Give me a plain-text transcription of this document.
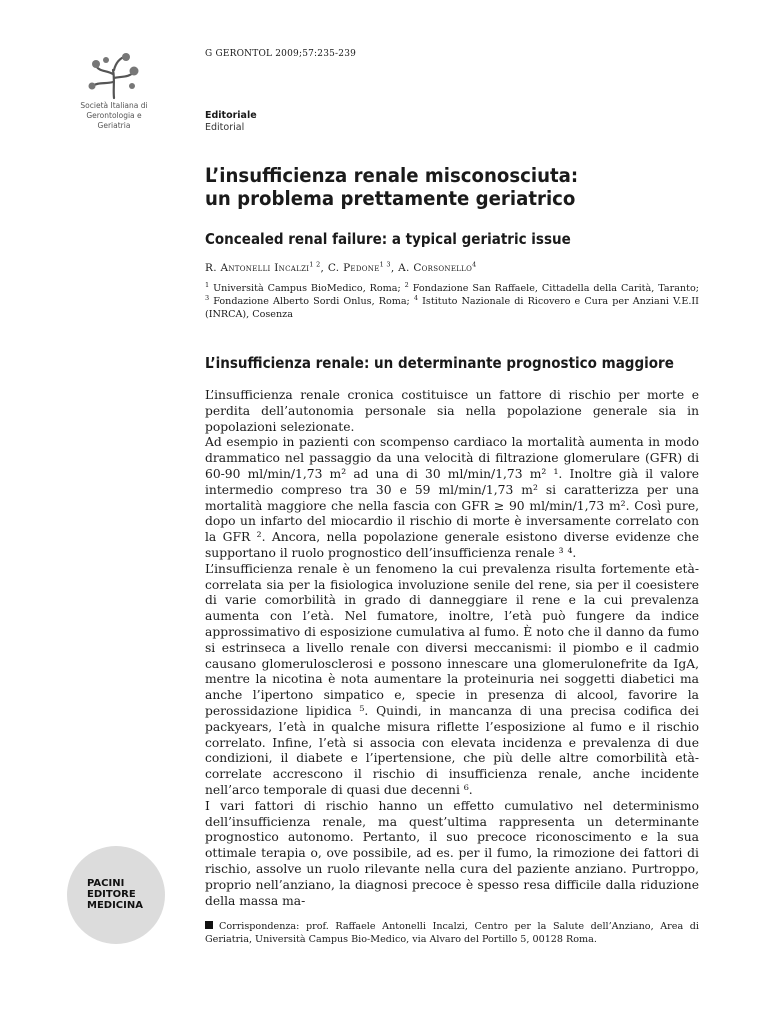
Società Italiana di
Gerontologia e
Geriatria
G GERONTOL 2009;57:235-239
Editoriale
Editorial
L’insufficienza renale misconosciuta:
un problema prettamente geriatrico
Concealed renal failure: a typical geriatric issue
R. Antonelli Incalzi$^{1 2}$, C. Pedone$^{1 3}$, A. Corsonello$^4$
$^1$ Università Campus BioMedico, Roma; $^2$ Fondazione San Raffaele, Cittadella della Carità, Taranto; $^3$ Fondazione Alberto Sordi Onlus, Roma; $^4$ Istituto Nazionale di Ricovero e Cura per Anziani V.E.II (INRCA), Cosenza
L’insufficienza renale: un determinante prognostico maggiore

L’insufficienza renale cronica costituisce un fattore di rischio per morte e perdita dell’autonomia personale sia nella popolazione generale sia in popolazioni selezionate.

Ad esempio in pazienti con scompenso cardiaco la mortalità aumenta in modo drammatico nel passaggio da una velocità di filtrazione glomerulare (GFR) di 60-90 ml/min/1,73 m² ad una di 30 ml/min/1,73 m² ¹. Inoltre già il valore intermedio compreso tra 30 e 59 ml/min/1,73 m² si caratterizza per una mortalità maggiore che nella fascia con GFR ≥ 90 ml/min/1,73 m². Così pure, dopo un infarto del miocardio il rischio di morte è inversamente correlato con la GFR ². Ancora, nella popolazione generale esistono diverse evidenze che supportano il ruolo prognostico dell’insufficienza renale ³ ⁴.

L’insufficienza renale è un fenomeno la cui prevalenza risulta fortemente età-correlata sia per la fisiologica involuzione senile del rene, sia per il coesistere di varie comorbilità in grado di danneggiare il rene e la cui prevalenza aumenta con l’età. Nel fumatore, inoltre, l’età può fungere da indice approssimativo di esposizione cumulativa al fumo. È noto che il danno da fumo si estrinseca a livello renale con diversi meccanismi: il piombo e il cadmio causano glomerulosclerosi e possono innescare una glomerulonefrite da IgA, mentre la nicotina è nota aumentare la proteinuria nei soggetti diabetici ma anche l’ipertono simpatico e, specie in presenza di alcool, favorire la perossidazione lipidica ⁵. Quindi, in mancanza di una precisa codifica dei packyears, l’età in qualche misura riflette l’esposizione al fumo e il rischio correlato. Infine, l’età si associa con elevata incidenza e prevalenza di due condizioni, il diabete e l’ipertensione, che più delle altre comorbilità età-correlate accrescono il rischio di insufficienza renale, anche incidente nell’arco temporale di quasi due decenni ⁶.

I vari fattori di rischio hanno un effetto cumulativo nel determinismo dell’insufficienza renale, ma quest’ultima rappresenta un determinante prognostico autonomo. Pertanto, il suo precoce riconoscimento e la sua ottimale terapia o, ove possibile, ad es. per il fumo, la rimozione dei fattori di rischio, assolve un ruolo rilevante nella cura del paziente anziano. Purtroppo, proprio nell’anziano, la diagnosi precoce è spesso resa difficile dalla riduzione della massa ma-

PACINI
EDITORE
MEDICINA
Corrispondenza: prof. Raffaele Antonelli Incalzi, Centro per la Salute dell’Anziano, Area di Geriatria, Università Campus Bio-Medico, via Alvaro del Portillo 5, 00128 Roma.
